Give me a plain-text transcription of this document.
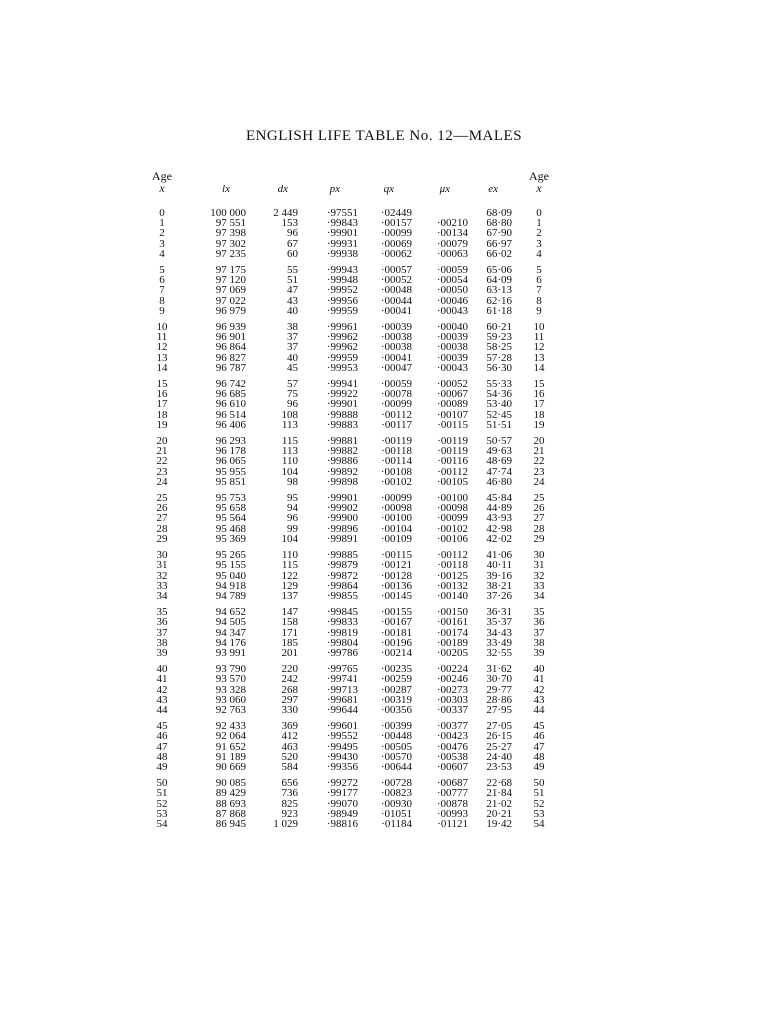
ENGLISH LIFE TABLE No. 12—MALES
Age
x	lx	dx	px	qx	μx	ex	Age
x

0	100 000	2 449	·97551	·02449		68·09	0
1	97 551	153	·99843	·00157	·00210	68·80	1
2	97 398	96	·99901	·00099	·00134	67·90	2
3	97 302	67	·99931	·00069	·00079	66·97	3
4	97 235	60	·99938	·00062	·00063	66·02	4
5	97 175	55	·99943	·00057	·00059	65·06	5
6	97 120	51	·99948	·00052	·00054	64·09	6
7	97 069	47	·99952	·00048	·00050	63·13	7
8	97 022	43	·99956	·00044	·00046	62·16	8
9	96 979	40	·99959	·00041	·00043	61·18	9
10	96 939	38	·99961	·00039	·00040	60·21	10
11	96 901	37	·99962	·00038	·00039	59·23	11
12	96 864	37	·99962	·00038	·00038	58·25	12
13	96 827	40	·99959	·00041	·00039	57·28	13
14	96 787	45	·99953	·00047	·00043	56·30	14
15	96 742	57	·99941	·00059	·00052	55·33	15
16	96 685	75	·99922	·00078	·00067	54·36	16
17	96 610	96	·99901	·00099	·00089	53·40	17
18	96 514	108	·99888	·00112	·00107	52·45	18
19	96 406	113	·99883	·00117	·00115	51·51	19
20	96 293	115	·99881	·00119	·00119	50·57	20
21	96 178	113	·99882	·00118	·00119	49·63	21
22	96 065	110	·99886	·00114	·00116	48·69	22
23	95 955	104	·99892	·00108	·00112	47·74	23
24	95 851	98	·99898	·00102	·00105	46·80	24
25	95 753	95	·99901	·00099	·00100	45·84	25
26	95 658	94	·99902	·00098	·00098	44·89	26
27	95 564	96	·99900	·00100	·00099	43·93	27
28	95 468	99	·99896	·00104	·00102	42·98	28
29	95 369	104	·99891	·00109	·00106	42·02	29
30	95 265	110	·99885	·00115	·00112	41·06	30
31	95 155	115	·99879	·00121	·00118	40·11	31
32	95 040	122	·99872	·00128	·00125	39·16	32
33	94 918	129	·99864	·00136	·00132	38·21	33
34	94 789	137	·99855	·00145	·00140	37·26	34
35	94 652	147	·99845	·00155	·00150	36·31	35
36	94 505	158	·99833	·00167	·00161	35·37	36
37	94 347	171	·99819	·00181	·00174	34·43	37
38	94 176	185	·99804	·00196	·00189	33·49	38
39	93 991	201	·99786	·00214	·00205	32·55	39
40	93 790	220	·99765	·00235	·00224	31·62	40
41	93 570	242	·99741	·00259	·00246	30·70	41
42	93 328	268	·99713	·00287	·00273	29·77	42
43	93 060	297	·99681	·00319	·00303	28·86	43
44	92 763	330	·99644	·00356	·00337	27·95	44
45	92 433	369	·99601	·00399	·00377	27·05	45
46	92 064	412	·99552	·00448	·00423	26·15	46
47	91 652	463	·99495	·00505	·00476	25·27	47
48	91 189	520	·99430	·00570	·00538	24·40	48
49	90 669	584	·99356	·00644	·00607	23·53	49
50	90 085	656	·99272	·00728	·00687	22·68	50
51	89 429	736	·99177	·00823	·00777	21·84	51
52	88 693	825	·99070	·00930	·00878	21·02	52
53	87 868	923	·98949	·01051	·00993	20·21	53
54	86 945	1 029	·98816	·01184	·01121	19·42	54
